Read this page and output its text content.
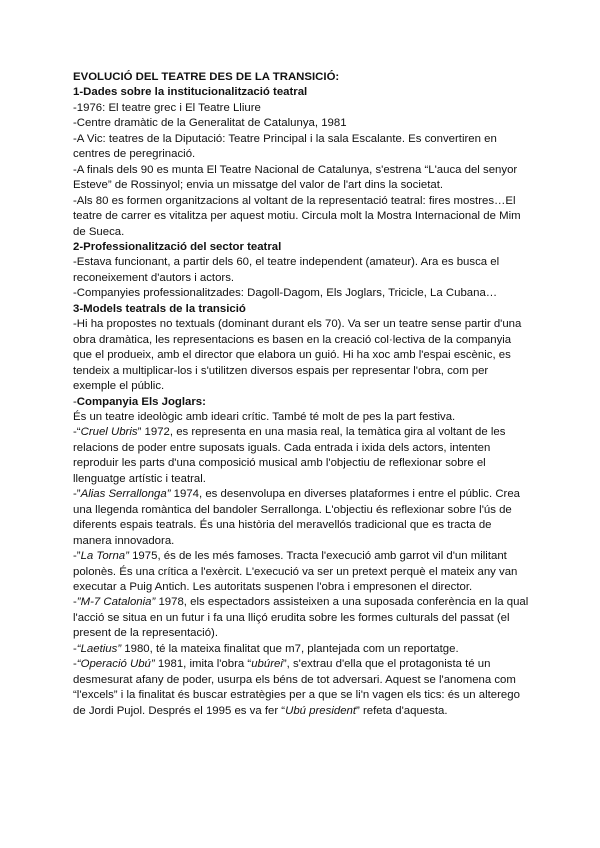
EVOLUCIÓ DEL TEATRE DES DE LA TRANSICIÓ:

1-Dades sobre la institucionalització teatral

-1976: El teatre grec i El Teatre Lliure

-Centre dramàtic de la Generalitat de Catalunya, 1981

-A Vic: teatres de la Diputació: Teatre Principal i la sala Escalante. Es convertiren en centres de peregrinació.

-A finals dels 90 es munta El Teatre Nacional de Catalunya, s'estrena “L'auca del senyor Esteve” de Rossinyol; envia un missatge del valor de l'art dins la societat.

-Als 80 es formen organitzacions al voltant de la representació teatral: fires mostres…El teatre de carrer es vitalitza per aquest motiu. Circula molt la Mostra Internacional de Mim de Sueca.

2-Professionalització del sector teatral

-Estava funcionant, a partir dels 60, el teatre independent (amateur). Ara es busca el reconeixement d'autors i actors.

-Companyies professionalitzades: Dagoll-Dagom, Els Joglars, Tricicle, La Cubana…

3-Models teatrals de la transició

-Hi ha propostes no textuals (dominant durant els 70). Va ser un teatre sense partir d'una obra dramàtica, les representacions es basen en la creació col·lectiva de la companyia que el produeix, amb el director que elabora un guió. Hi ha xoc amb l'espai escènic, es tendeix a multiplicar-los i s'utilitzen diversos espais per representar l'obra, com per exemple el públic.

-Companyia Els Joglars:

És un teatre ideològic amb ideari crític. També té molt de pes la part festiva.

-“Cruel Ubris” 1972, es representa en una masia real, la temàtica gira al voltant de les relacions de poder entre suposats iguals. Cada entrada i ixida dels actors, intenten reproduir les parts d'una composició musical amb l'objectiu de reflexionar sobre el llenguatge artístic i teatral.

-”Alias Serrallonga” 1974, es desenvolupa en diverses plataformes i entre el públic. Crea una llegenda romàntica del bandoler Serrallonga. L'objectiu és reflexionar sobre l'ús de diferents espais teatrals. És una història del meravellós tradicional que es tracta de manera innovadora.

-”La Torna” 1975, és de les més famoses. Tracta l'execució amb garrot vil d'un militant polonès. És una crítica a l'exèrcit. L'execució va ser un pretext perquè el mateix any van executar a Puig Antich. Les autoritats suspenen l'obra i empresonen el director.

-”M-7 Catalonia” 1978, els espectadors assisteixen a una suposada conferència en la qual l'acció se situa en un futur i fa una lliçó erudita sobre les formes culturals del passat (el present de la representació).

-“Laetius” 1980, té la mateixa finalitat que m7, plantejada com un reportatge.

-“Operació Ubú” 1981, imita l'obra “ubúrei”, s'extrau d'ella que el protagonista té un desmesurat afany de poder, usurpa els béns de tot adversari. Aquest se l'anomena com “l'excels” i la finalitat és buscar estratègies per a que se li'n vagen els tics: és un alterego de Jordi Pujol. Després el 1995 es va fer “Ubú president” refeta d'aquesta.
